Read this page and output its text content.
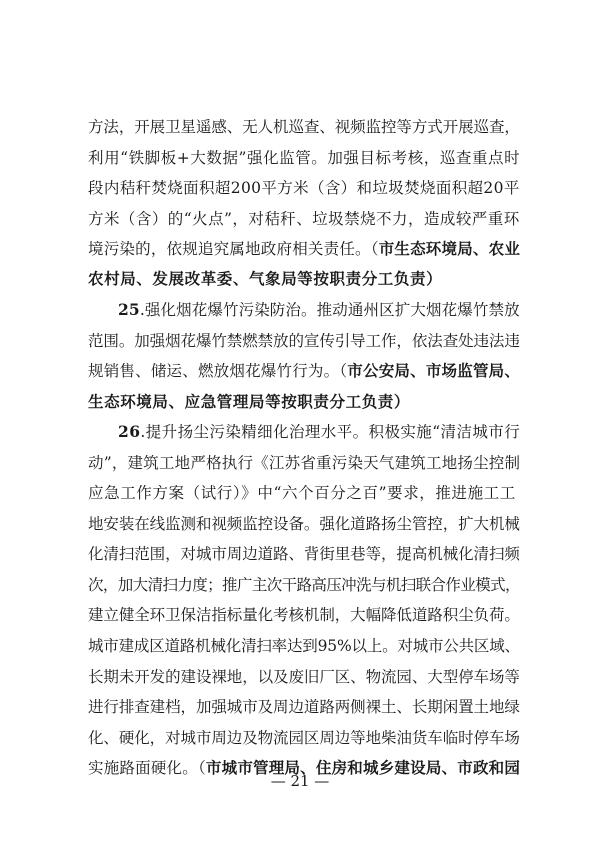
方法，开展卫星遥感、无人机巡查、视频监控等方式开展巡查，
利用“铁脚板+大数据”强化监管。加强目标考核，巡查重点时
段内秸秆焚烧面积超200平方米（含）和垃圾焚烧面积超20平
方米（含）的“火点”，对秸秆、垃圾禁烧不力，造成较严重环
境污染的，依规追究属地政府相关责任。（市生态环境局、农业
农村局、发展改革委、气象局等按职责分工负责）
25.强化烟花爆竹污染防治。推动通州区扩大烟花爆竹禁放
范围。加强烟花爆竹禁燃禁放的宣传引导工作，依法查处违法违
规销售、储运、燃放烟花爆竹行为。（市公安局、市场监管局、
生态环境局、应急管理局等按职责分工负责）
26.提升扬尘污染精细化治理水平。积极实施“清洁城市行
动”，建筑工地严格执行《江苏省重污染天气建筑工地扬尘控制
应急工作方案（试行）》中“六个百分之百”要求，推进施工工
地安装在线监测和视频监控设备。强化道路扬尘管控，扩大机械
化清扫范围，对城市周边道路、背街里巷等，提高机械化清扫频
次，加大清扫力度；推广主次干路高压冲洗与机扫联合作业模式，
建立健全环卫保洁指标量化考核机制，大幅降低道路积尘负荷。
城市建成区道路机械化清扫率达到95%以上。对城市公共区域、
长期未开发的建设裸地，以及废旧厂区、物流园、大型停车场等
进行排查建档，加强城市及周边道路两侧裸土、长期闲置土地绿
化、硬化，对城市周边及物流园区周边等地柴油货车临时停车场
实施路面硬化。（市城市管理局、住房和城乡建设局、市政和园
— 21 —
